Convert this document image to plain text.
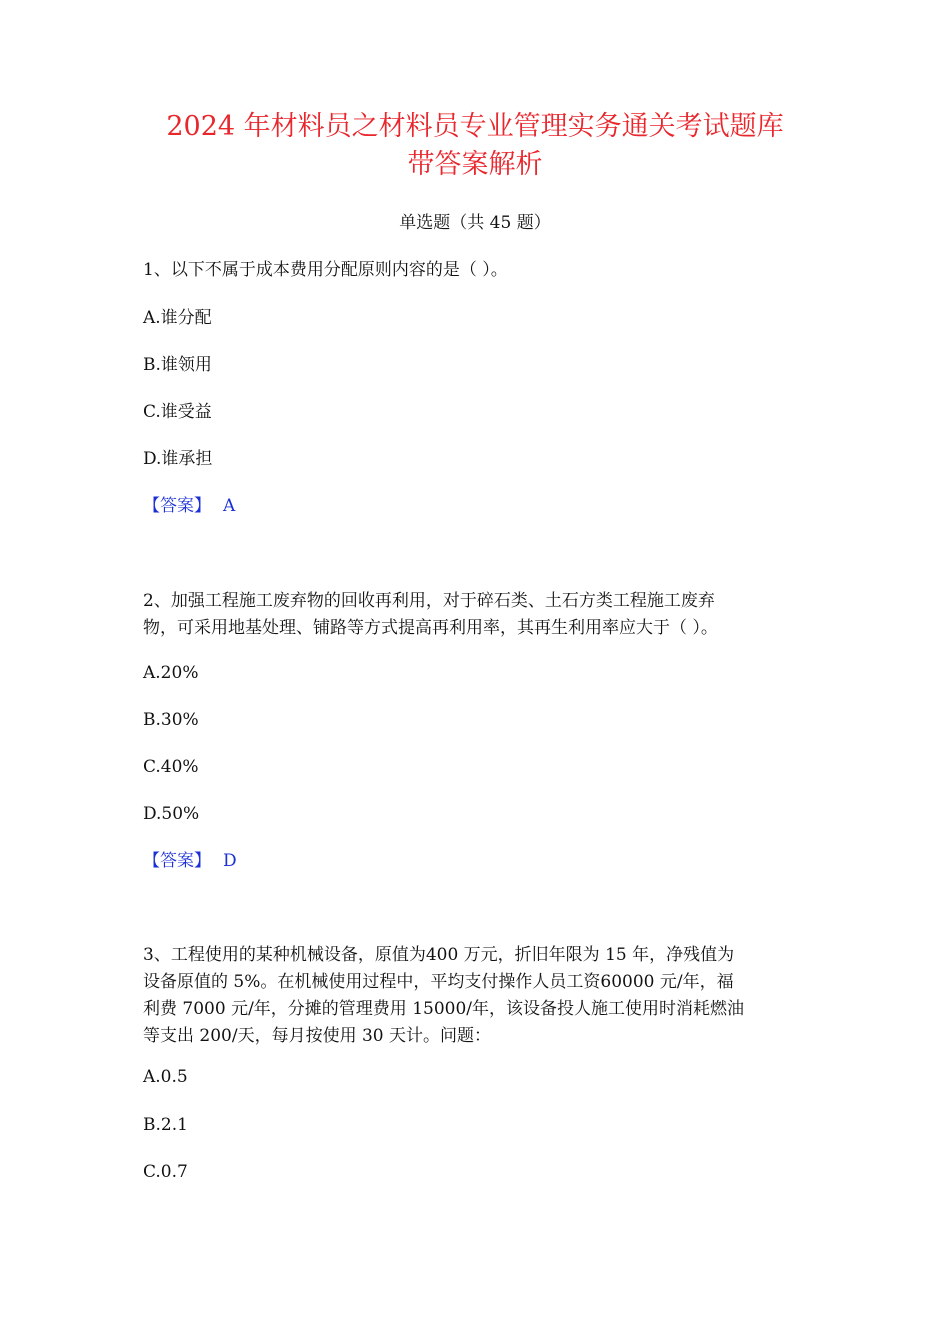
2024 年材料员之材料员专业管理实务通关考试题库
带答案解析
单选题（共 45 题）
1、以下不属于成本费用分配原则内容的是（ ）。
A.谁分配
B.谁领用
C.谁受益
D.谁承担
【答案】 A
2、加强工程施工废弃物的回收再利用，对于碎石类、土石方类工程施工废弃
物，可采用地基处理、铺路等方式提高再利用率，其再生利用率应大于（ ）。
A.20%
B.30%
C.40%
D.50%
【答案】 D
3、工程使用的某种机械设备，原值为400 万元，折旧年限为 15 年，净残值为
设备原值的 5%。在机械使用过程中，平均支付操作人员工资60000 元/年，福
利费 7000 元/年，分摊的管理费用 15000/年，该设备投人施工使用时消耗燃油
等支出 200/天，每月按使用 30 天计。问题：
A.0.5
B.2.1
C.0.7
